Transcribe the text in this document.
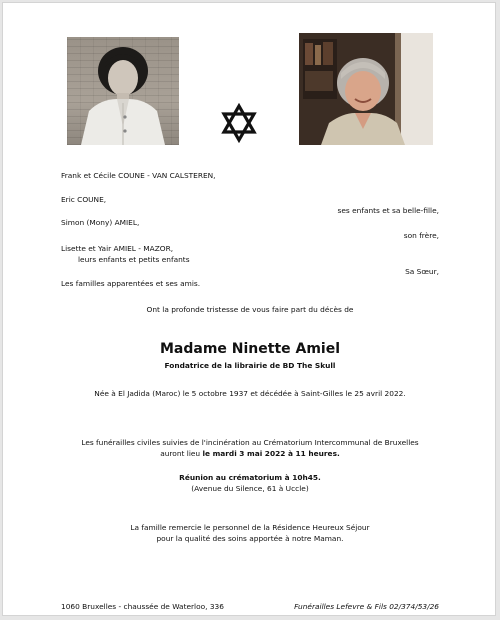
Frank et Cécile COUNE - VAN CALSTEREN,
Eric COUNE,
ses enfants et sa belle-fille,
Simon (Mony) AMIEL,
son frère,
Lisette et Yair AMIEL - MAZOR,
leurs enfants et petits enfants
Sa Sœur,
Les familles apparentées et ses amis.
Ont la profonde tristesse de vous faire part du décès de
Madame Ninette Amiel
Fondatrice de la librairie de BD The Skull
Née à El Jadida (Maroc) le 5 octobre 1937 et décédée à Saint-Gilles le 25 avril 2022.
Les funérailles civiles suivies de l'incinération au Crématorium Intercommunal de Bruxelles
auront lieu le mardi 3 mai 2022 à 11 heures.
Réunion au crématorium à 10h45.
(Avenue du Silence, 61 à Uccle)
La famille remercie le personnel de la Résidence Heureux Séjour
pour la qualité des soins apportée à notre Maman.
1060 Bruxelles - chaussée de Waterloo, 336	Funérailles Lefevre & Fils 02/374/53/26
